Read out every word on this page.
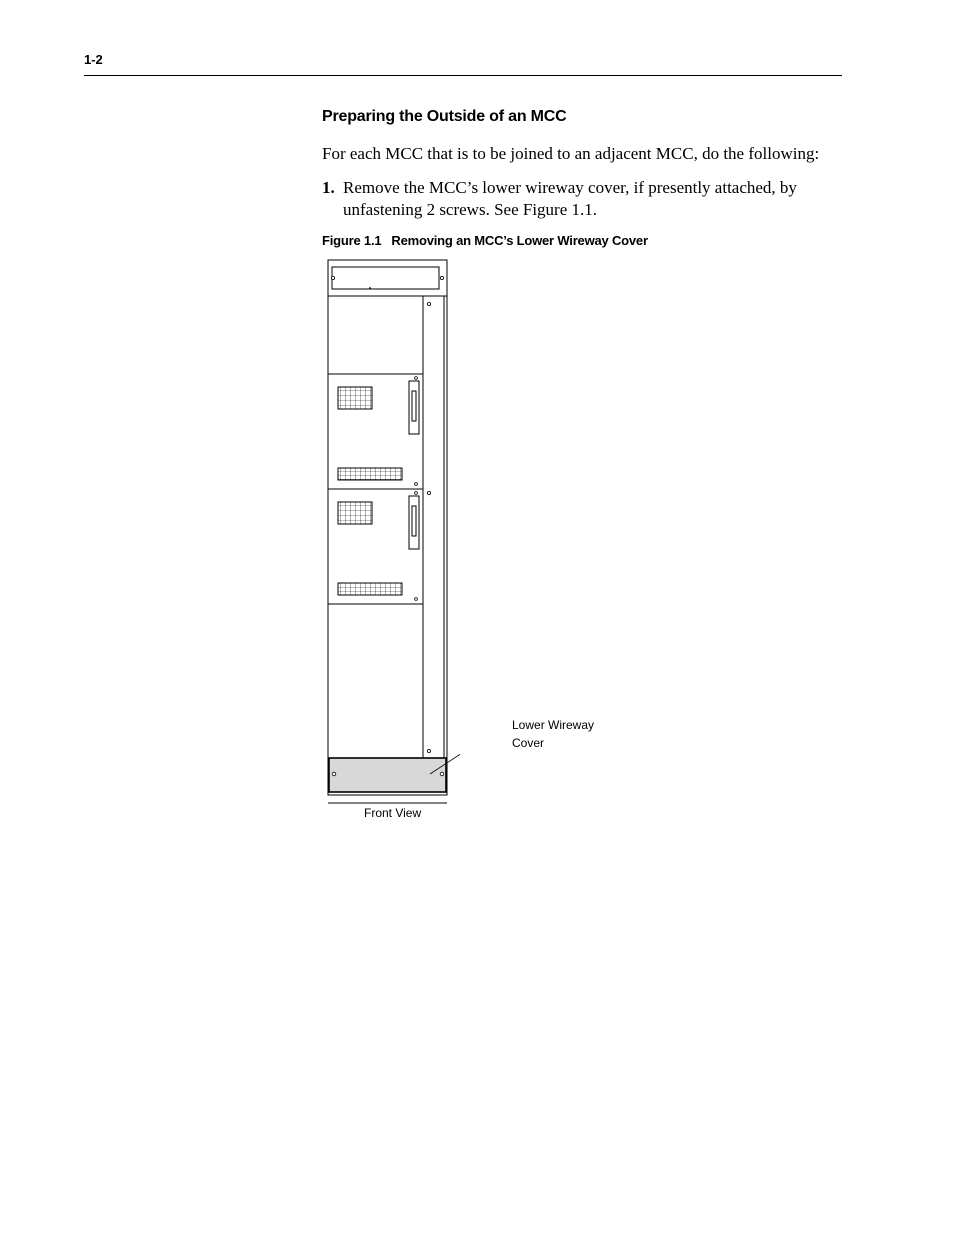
1-2
Preparing the Outside of an MCC
For each MCC that is to be joined to an adjacent MCC, do the following:
1. Remove the MCC’s lower wireway cover, if presently attached, by unfastening 2 screws. See Figure 1.1.
Figure 1.1 Removing an MCC’s Lower Wireway Cover
Lower Wireway
Cover
Front View
